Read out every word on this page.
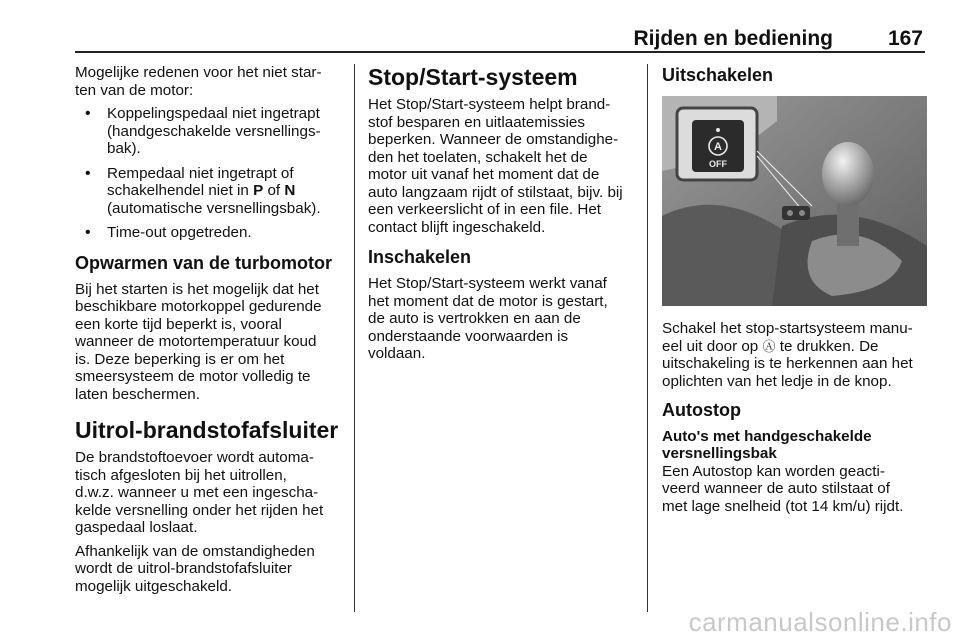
Rijden en bediening	167

Mogelijke redenen voor het niet star-
ten van de motor:

• Koppelingspedaal niet ingetrapt
(handgeschakelde versnellings-
bak).
• Rempedaal niet ingetrapt of
schakelhendel niet in P of N
(automatische versnellingsbak).
• Time-out opgetreden.
Opwarmen van de turbomotor

Bij het starten is het mogelijk dat het
beschikbare motorkoppel gedurende
een korte tijd beperkt is, vooral
wanneer de motortemperatuur koud
is. Deze beperking is er om het
smeersysteem de motor volledig te
laten beschermen.

Uitrol-brandstofafsluiter

De brandstoftoevoer wordt automa-
tisch afgesloten bij het uitrollen,
d.w.z. wanneer u met een ingescha-
kelde versnelling onder het rijden het
gaspedaal loslaat.

Afhankelijk van de omstandigheden
wordt de uitrol-brandstofafsluiter
mogelijk uitgeschakeld.

Stop/Start-systeem

Het Stop/Start-systeem helpt brand-
stof besparen en uitlaatemissies
beperken. Wanneer de omstandighe-
den het toelaten, schakelt het de
motor uit vanaf het moment dat de
auto langzaam rijdt of stilstaat, bijv. bij
een verkeerslicht of in een file. Het
contact blijft ingeschakeld.

Inschakelen

Het Stop/Start-systeem werkt vanaf
het moment dat de motor is gestart,
de auto is vertrokken en aan de
onderstaande voorwaarden is
voldaan.

Uitschakelen
A
OFF

Schakel het stop-startsysteem manu-
eel uit door op Ⓐ te drukken. De
uitschakeling is te herkennen aan het
oplichten van het ledje in de knop.

Autostop
Auto's met handgeschakelde
versnellingsbak

Een Autostop kan worden geacti-
veerd wanneer de auto stilstaat of
met lage snelheid (tot 14 km/u) rijdt.

carmanualsonline.info
